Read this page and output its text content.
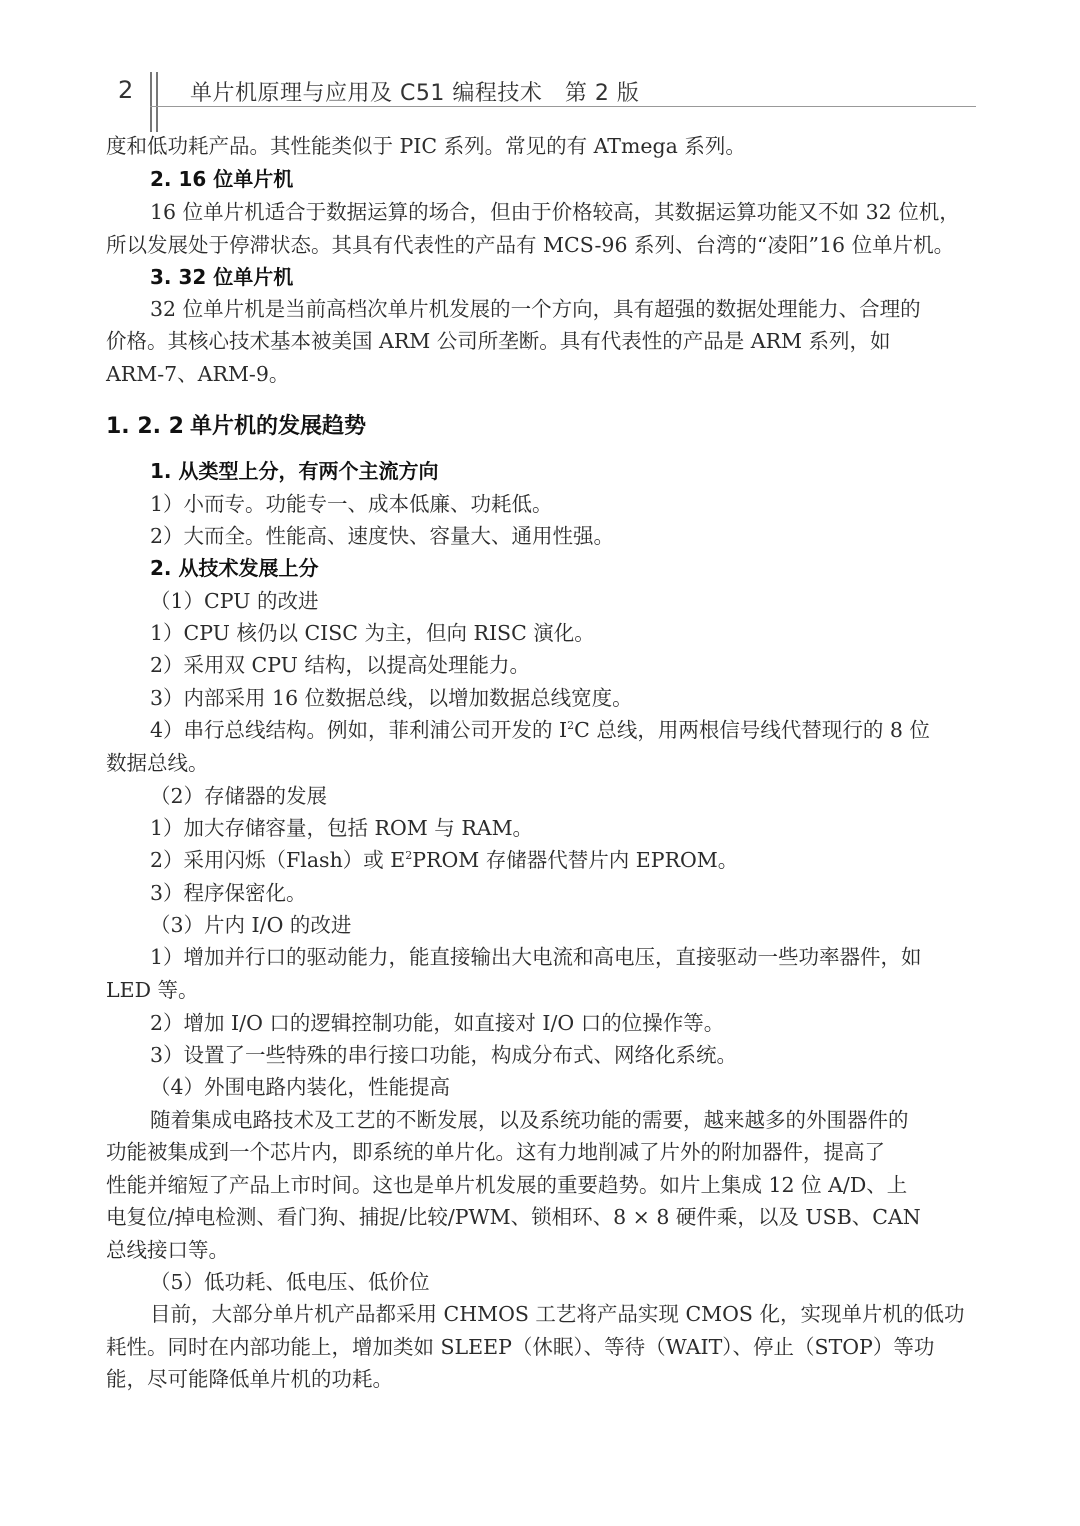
2	单片机原理与应用及 C51 编程技术　第 2 版
度和低功耗产品。其性能类似于 PIC 系列。常见的有 ATmega 系列。
2. 16 位单片机
16 位单片机适合于数据运算的场合，但由于价格较高，其数据运算功能又不如 32 位机，
所以发展处于停滞状态。其具有代表性的产品有 MCS-96 系列、台湾的“凌阳”16 位单片机。
3. 32 位单片机
32 位单片机是当前高档次单片机发展的一个方向，具有超强的数据处理能力、合理的
价格。其核心技术基本被美国 ARM 公司所垄断。具有代表性的产品是 ARM 系列，如
ARM-7、ARM-9。
1. 2. 2 单片机的发展趋势
1. 从类型上分，有两个主流方向
1）小而专。功能专一、成本低廉、功耗低。
2）大而全。性能高、速度快、容量大、通用性强。
2. 从技术发展上分
（1）CPU 的改进
1）CPU 核仍以 CISC 为主，但向 RISC 演化。
2）采用双 CPU 结构，以提高处理能力。
3）内部采用 16 位数据总线，以增加数据总线宽度。
4）串行总线结构。例如，菲利浦公司开发的 $I^2C$ 总线，用两根信号线代替现行的 8 位
数据总线。
（2）存储器的发展
1）加大存储容量，包括 ROM 与 RAM。
2）采用闪烁（Flash）或 $E^2PROM$ 存储器代替片内 EPROM。
3）程序保密化。
（3）片内 I/O 的改进
1）增加并行口的驱动能力，能直接输出大电流和高电压，直接驱动一些功率器件，如
LED 等。
2）增加 I/O 口的逻辑控制功能，如直接对 I/O 口的位操作等。
3）设置了一些特殊的串行接口功能，构成分布式、网络化系统。
（4）外围电路内装化，性能提高
随着集成电路技术及工艺的不断发展，以及系统功能的需要，越来越多的外围器件的
功能被集成到一个芯片内，即系统的单片化。这有力地削减了片外的附加器件，提高了
性能并缩短了产品上市时间。这也是单片机发展的重要趋势。如片上集成 12 位 A/D、上
电复位/掉电检测、看门狗、捕捉/比较/PWM、锁相环、8 × 8 硬件乘，以及 USB、CAN
总线接口等。
（5）低功耗、低电压、低价位
目前，大部分单片机产品都采用 CHMOS 工艺将产品实现 CMOS 化，实现单片机的低功
耗性。同时在内部功能上，增加类如 SLEEP（休眠）、等待（WAIT）、停止（STOP）等功
能，尽可能降低单片机的功耗。
